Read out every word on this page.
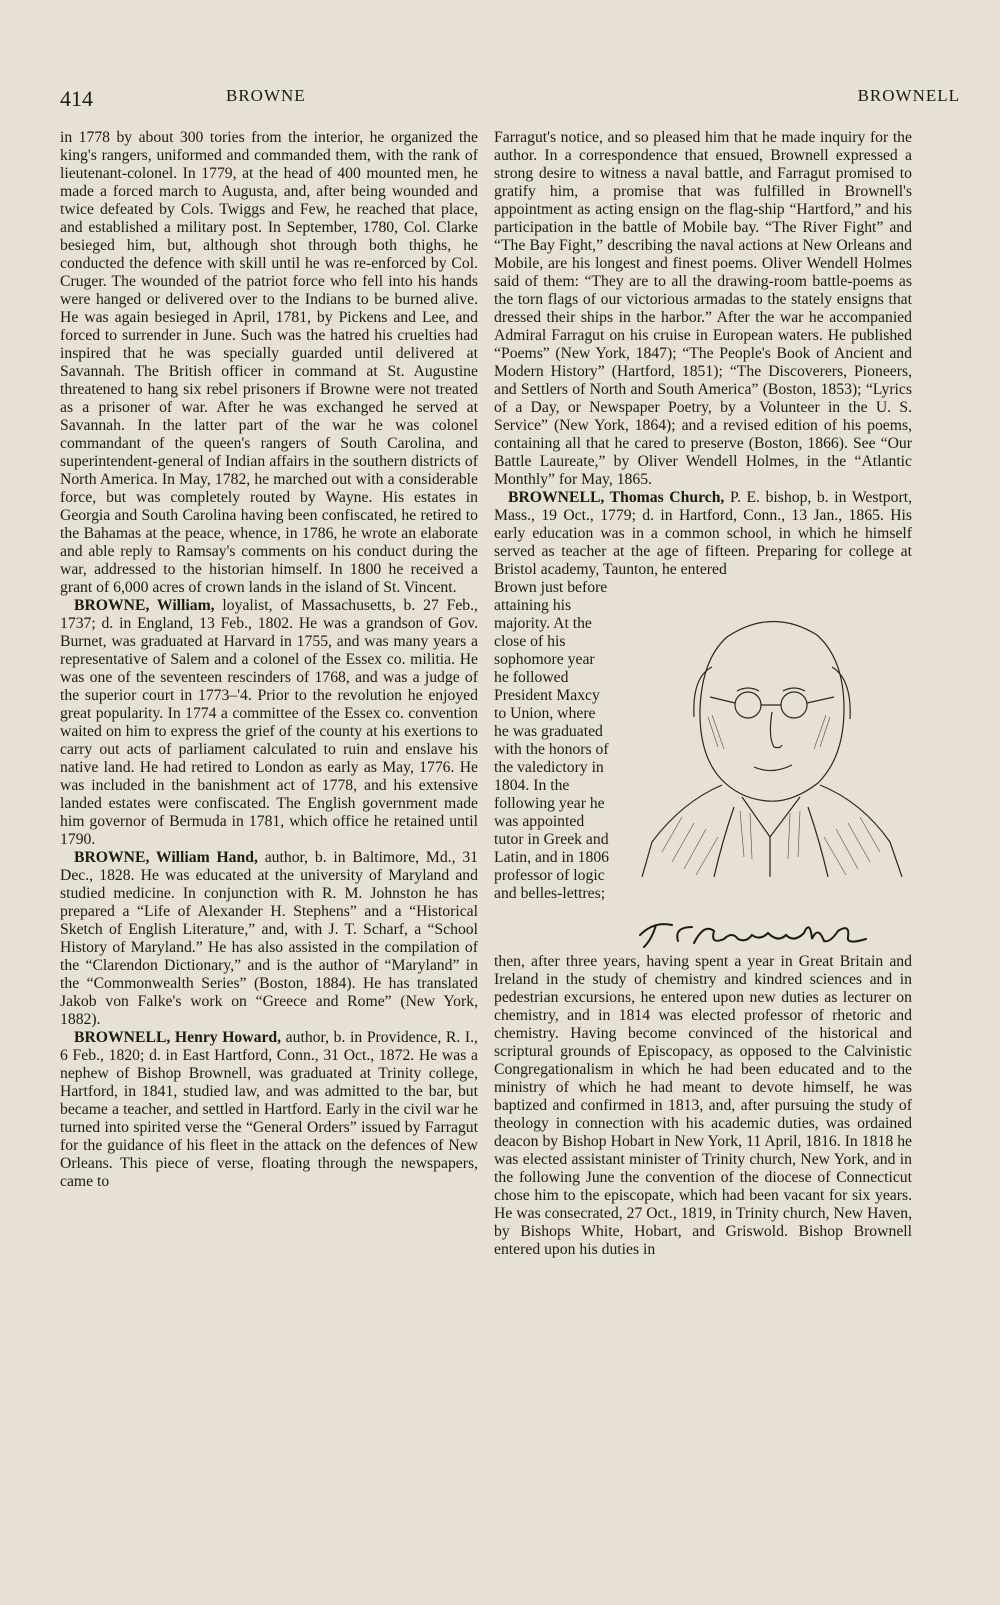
414	BROWNE	BROWNELL

in 1778 by about 300 tories from the interior, he organized the king's rangers, uniformed and commanded them, with the rank of lieutenant-colonel. In 1779, at the head of 400 mounted men, he made a forced march to Augusta, and, after being wounded and twice defeated by Cols. Twiggs and Few, he reached that place, and established a military post. In September, 1780, Col. Clarke besieged him, but, although shot through both thighs, he conducted the defence with skill until he was re-enforced by Col. Cruger. The wounded of the patriot force who fell into his hands were hanged or delivered over to the Indians to be burned alive. He was again besieged in April, 1781, by Pickens and Lee, and forced to surrender in June. Such was the hatred his cruelties had inspired that he was specially guarded until delivered at Savannah. The British officer in command at St. Augustine threatened to hang six rebel prisoners if Browne were not treated as a prisoner of war. After he was exchanged he served at Savannah. In the latter part of the war he was colonel commandant of the queen's rangers of South Carolina, and superintendent-general of Indian affairs in the southern districts of North America. In May, 1782, he marched out with a considerable force, but was completely routed by Wayne. His estates in Georgia and South Carolina having been confiscated, he retired to the Bahamas at the peace, whence, in 1786, he wrote an elaborate and able reply to Ramsay's comments on his conduct during the war, addressed to the historian himself. In 1800 he received a grant of 6,000 acres of crown lands in the island of St. Vincent.

BROWNE, William, loyalist, of Massachusetts, b. 27 Feb., 1737; d. in England, 13 Feb., 1802. He was a grandson of Gov. Burnet, was graduated at Harvard in 1755, and was many years a representative of Salem and a colonel of the Essex co. militia. He was one of the seventeen rescinders of 1768, and was a judge of the superior court in 1773–'4. Prior to the revolution he enjoyed great popularity. In 1774 a committee of the Essex co. convention waited on him to express the grief of the county at his exertions to carry out acts of parliament calculated to ruin and enslave his native land. He had retired to London as early as May, 1776. He was included in the banishment act of 1778, and his extensive landed estates were confiscated. The English government made him governor of Bermuda in 1781, which office he retained until 1790.

BROWNE, William Hand, author, b. in Baltimore, Md., 31 Dec., 1828. He was educated at the university of Maryland and studied medicine. In conjunction with R. M. Johnston he has prepared a “Life of Alexander H. Stephens” and a “Historical Sketch of English Literature,” and, with J. T. Scharf, a “School History of Maryland.” He has also assisted in the compilation of the “Clarendon Dictionary,” and is the author of “Maryland” in the “Commonwealth Series” (Boston, 1884). He has translated Jakob von Falke's work on “Greece and Rome” (New York, 1882).

BROWNELL, Henry Howard, author, b. in Providence, R. I., 6 Feb., 1820; d. in East Hartford, Conn., 31 Oct., 1872. He was a nephew of Bishop Brownell, was graduated at Trinity college, Hartford, in 1841, studied law, and was admitted to the bar, but became a teacher, and settled in Hartford. Early in the civil war he turned into spirited verse the “General Orders” issued by Farragut for the guidance of his fleet in the attack on the defences of New Orleans. This piece of verse, floating through the newspapers, came to

Farragut's notice, and so pleased him that he made inquiry for the author. In a correspondence that ensued, Brownell expressed a strong desire to witness a naval battle, and Farragut promised to gratify him, a promise that was fulfilled in Brownell's appointment as acting ensign on the flag-ship “Hartford,” and his participation in the battle of Mobile bay. “The River Fight” and “The Bay Fight,” describing the naval actions at New Orleans and Mobile, are his longest and finest poems. Oliver Wendell Holmes said of them: “They are to all the drawing-room battle-poems as the torn flags of our victorious armadas to the stately ensigns that dressed their ships in the harbor.” After the war he accompanied Admiral Farragut on his cruise in European waters. He published “Poems” (New York, 1847); “The People's Book of Ancient and Modern History” (Hartford, 1851); “The Discoverers, Pioneers, and Settlers of North and South America” (Boston, 1853); “Lyrics of a Day, or Newspaper Poetry, by a Volunteer in the U. S. Service” (New York, 1864); and a revised edition of his poems, containing all that he cared to preserve (Boston, 1866). See “Our Battle Laureate,” by Oliver Wendell Holmes, in the “Atlantic Monthly” for May, 1865.

BROWNELL, Thomas Church, P. E. bishop, b. in Westport, Mass., 19 Oct., 1779; d. in Hartford, Conn., 13 Jan., 1865. His early education was in a common school, in which he himself served as teacher at the age of fifteen. Preparing for college at Bristol academy, Taunton, he entered

Brown just before attaining his majority. At the close of his sophomore year he followed President Maxcy to Union, where he was graduated with the honors of the valedictory in 1804. In the following year he was appointed tutor in Greek and Latin, and in 1806 professor of logic and belles-lettres;

then, after three years, having spent a year in Great Britain and Ireland in the study of chemistry and kindred sciences and in pedestrian excursions, he entered upon new duties as lecturer on chemistry, and in 1814 was elected professor of rhetoric and chemistry. Having become convinced of the historical and scriptural grounds of Episcopacy, as opposed to the Calvinistic Congregationalism in which he had been educated and to the ministry of which he had meant to devote himself, he was baptized and confirmed in 1813, and, after pursuing the study of theology in connection with his academic duties, was ordained deacon by Bishop Hobart in New York, 11 April, 1816. In 1818 he was elected assistant minister of Trinity church, New York, and in the following June the convention of the diocese of Connecticut chose him to the episcopate, which had been vacant for six years. He was consecrated, 27 Oct., 1819, in Trinity church, New Haven, by Bishops White, Hobart, and Griswold. Bishop Brownell entered upon his duties in
